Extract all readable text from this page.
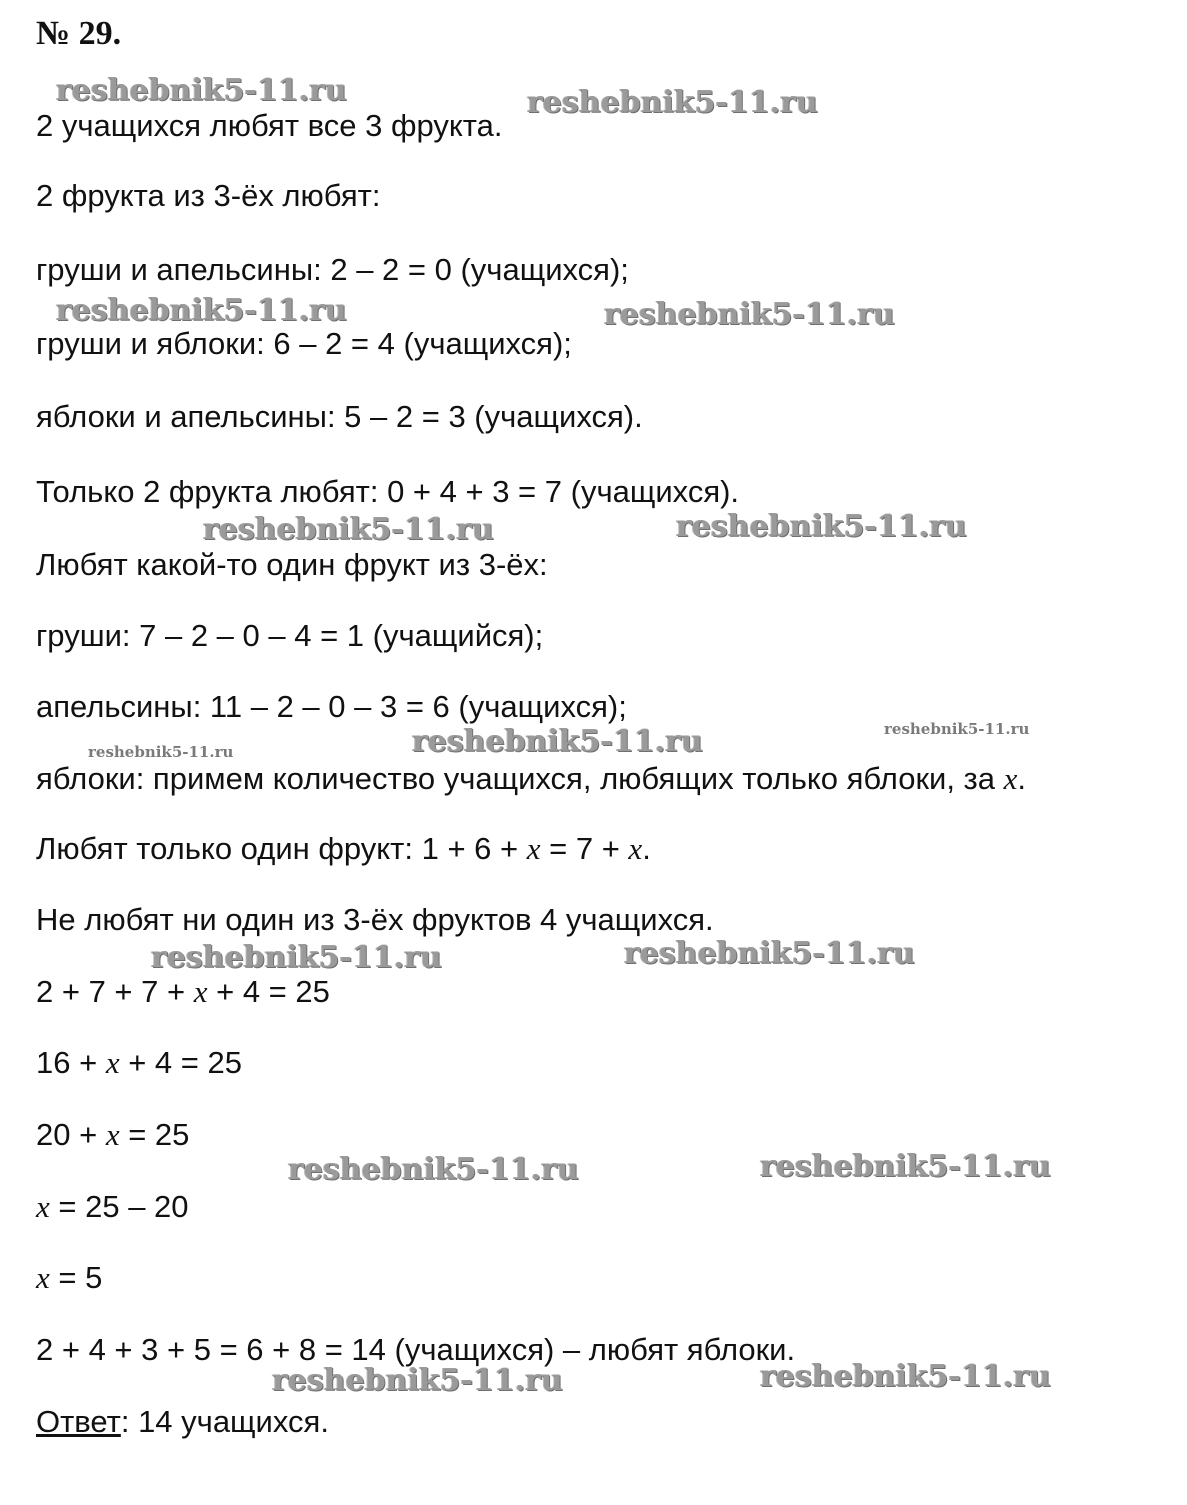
№ 29.
reshebnik5-11.ru	reshebnik5-11.ru
reshebnik5-11.ru	reshebnik5-11.ru
reshebnik5-11.ru	reshebnik5-11.ru
reshebnik5-11.ru
reshebnik5-11.ru	reshebnik5-11.ru
reshebnik5-11.ru	reshebnik5-11.ru
reshebnik5-11.ru	reshebnik5-11.ru
reshebnik5-11.ru	reshebnik5-11.ru
2 учащихся любят все 3 фрукта.
2 фрукта из 3-ёх любят:
груши и апельсины: 2 – 2 = 0 (учащихся);
груши и яблоки: 6 – 2 = 4 (учащихся);
яблоки и апельсины: 5 – 2 = 3 (учащихся).
Только 2 фрукта любят: 0 + 4 + 3 = 7 (учащихся).
Любят какой-то один фрукт из 3-ёх:
груши: 7 – 2 – 0 – 4 = 1 (учащийся);
апельсины: 11 – 2 – 0 – 3 = 6 (учащихся);
яблоки: примем количество учащихся, любящих только яблоки, за x.
Любят только один фрукт: 1 + 6 + x = 7 + x.
Не любят ни один из 3-ёх фруктов 4 учащихся.
2 + 7 + 7 + x + 4 = 25
16 + x + 4 = 25
20 + x = 25
x = 25 – 20
x = 5
2 + 4 + 3 + 5 = 6 + 8 = 14 (учащихся) – любят яблоки.
Ответ: 14 учащихся.
